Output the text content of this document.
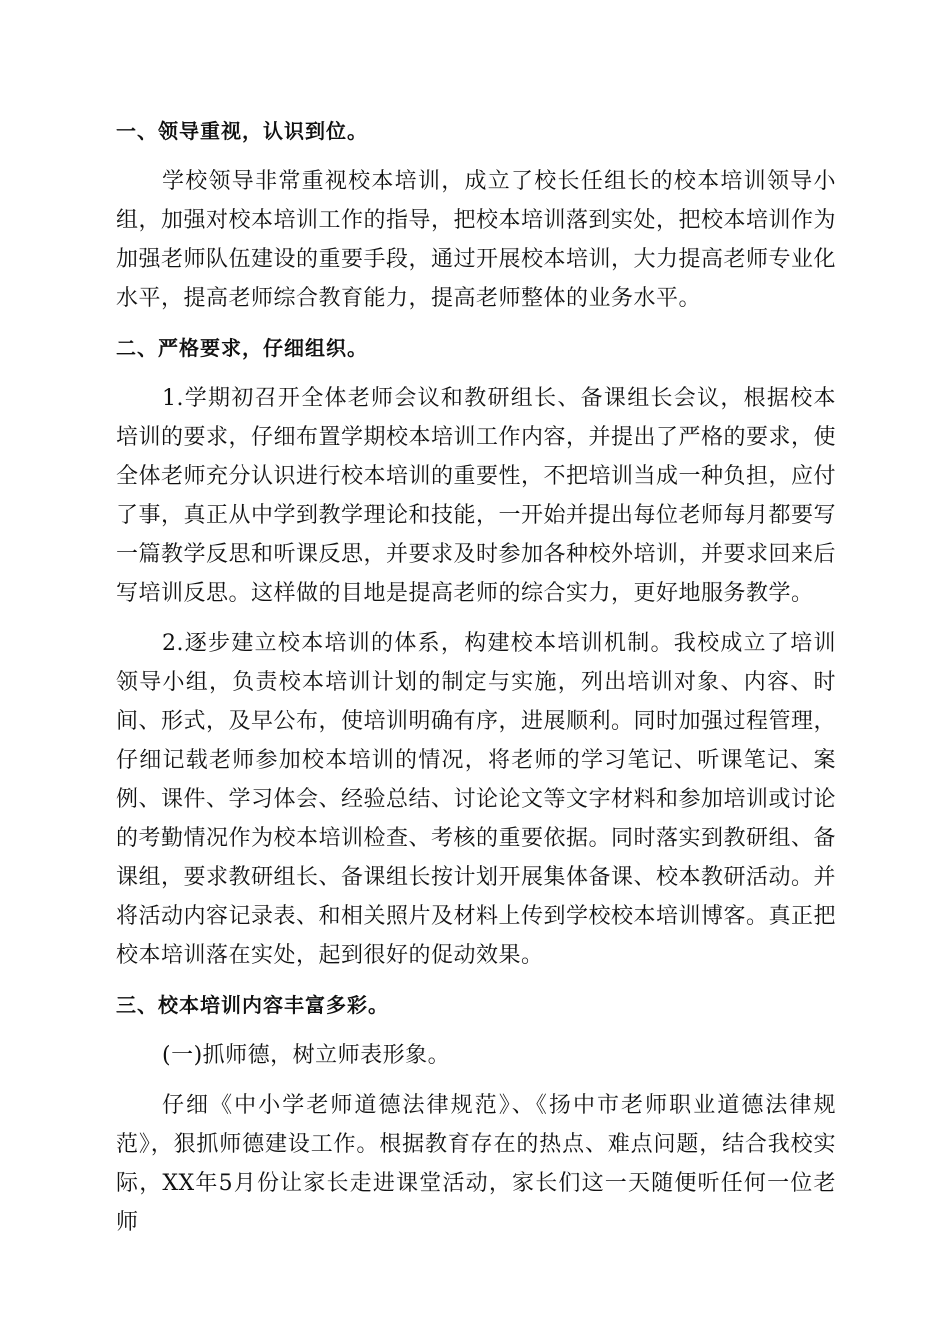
一、领导重视，认识到位。

学校领导非常重视校本培训，成立了校长任组长的校本培训领导小组，加强对校本培训工作的指导，把校本培训落到实处，把校本培训作为加强老师队伍建设的重要手段，通过开展校本培训，大力提高老师专业化水平，提高老师综合教育能力，提高老师整体的业务水平。

二、严格要求，仔细组织。

1.学期初召开全体老师会议和教研组长、备课组长会议，根据校本培训的要求，仔细布置学期校本培训工作内容，并提出了严格的要求，使全体老师充分认识进行校本培训的重要性，不把培训当成一种负担，应付了事，真正从中学到教学理论和技能，一开始并提出每位老师每月都要写一篇教学反思和听课反思，并要求及时参加各种校外培训，并要求回来后写培训反思。这样做的目地是提高老师的综合实力，更好地服务教学。

2.逐步建立校本培训的体系，构建校本培训机制。我校成立了培训领导小组，负责校本培训计划的制定与实施，列出培训对象、内容、时间、形式，及早公布，使培训明确有序，进展顺利。同时加强过程管理，仔细记载老师参加校本培训的情况，将老师的学习笔记、听课笔记、案例、课件、学习体会、经验总结、讨论论文等文字材料和参加培训或讨论的考勤情况作为校本培训检查、考核的重要依据。同时落实到教研组、备课组，要求教研组长、备课组长按计划开展集体备课、校本教研活动。并将活动内容记录表、和相关照片及材料上传到学校校本培训博客。真正把校本培训落在实处，起到很好的促动效果。

三、校本培训内容丰富多彩。

(一)抓师德，树立师表形象。

仔细《中小学老师道德法律规范》、《扬中市老师职业道德法律规范》，狠抓师德建设工作。根据教育存在的热点、难点问题，结合我校实际，XX年5月份让家长走进课堂活动，家长们这一天随便听任何一位老师
